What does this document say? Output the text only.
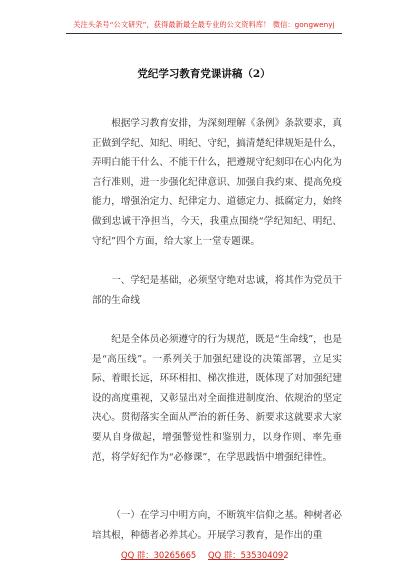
关注头条号“公文研究”，获得最新最全最专业的公文资料库！ 微信：gongwenyj
党纪学习教育党课讲稿（2）

根据学习教育安排，为深刻理解《条例》条款要求，真正做到学纪、知纪、明纪、守纪，搞清楚纪律规矩是什么，弄明白能干什么、不能干什么，把遵规守纪刻印在心内化为言行准则，进一步强化纪律意识、加强自我约束、提高免疫能力，增强治定力、纪律定力、道德定力、抵腐定力，始终做到忠诚干净担当，今天，我重点围绕“学纪知纪、明纪、守纪”四个方面，给大家上一堂专题课。

一、学纪是基础，必须坚守绝对忠诚，将其作为党员干部的生命线

纪是全体员必须遵守的行为规范，既是“生命线”，也是是“高压线”。一系列关于加强纪建设的决策部署，立足实际、着眼长远，环环相扣、梯次推进，既体现了对加强纪建设的高度重视，又彰显出对全面推进制度治、依规治的坚定决心。贯彻落实全面从严治的新任务、新要求这就要求大家要从自身做起，增强警觉性和鉴别力，以身作则、率先垂范，将学好纪作为“必修课”，在学思践悟中增强纪律性。

（一）在学习中明方向，不断筑牢信仰之基。种树者必培其根，种德者必养其心。开展学习教育，是作出的重

QQ 群：30265665 QQ 群：535304092
